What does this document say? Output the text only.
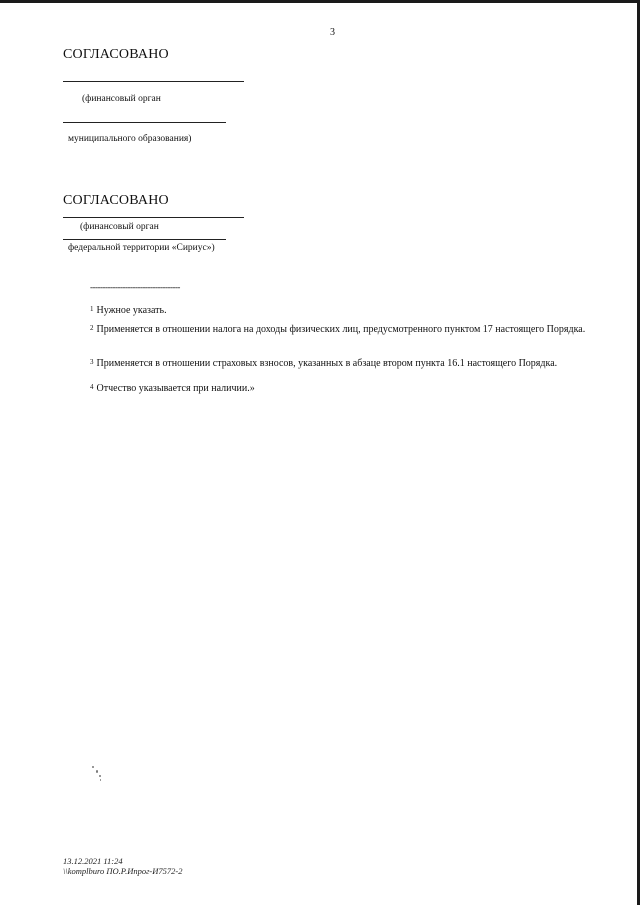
3
СОГЛАСОВАНО
(финансовый орган
муниципального образования)
СОГЛАСОВАНО
(финансовый орган
федеральной территории «Сириус»)
------------------------------------
$^1$ Нужное указать.
$^2$ Применяется в отношении налога на доходы физических лиц, предусмотренного пунктом 17 настоящего Порядка.
$^3$ Применяется в отношении страховых взносов, указанных в абзаце втором пункта 16.1 настоящего Порядка.
$^4$ Отчество указывается при наличии.»
13.12.2021 11:24
\\komplburo ПО.Р.Ипрог-И7572-2
